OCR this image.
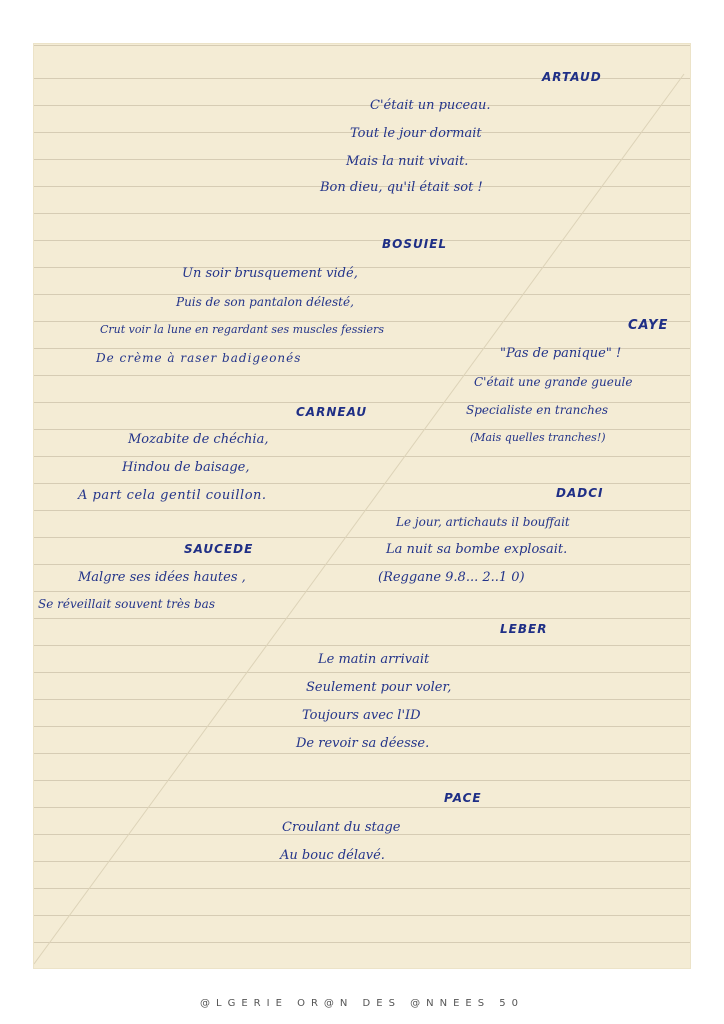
ARTAUD
C'était un puceau.
Tout le jour dormait
Mais la nuit vivait.
Bon dieu, qu'il était sot !
BOSUIEL
Un soir brusquement vidé,
Puis de son pantalon délesté,
Crut voir la lune en regardant ses muscles fessiers
De crème à raser badigeonés
CAYE
"Pas de panique" !
C'était une grande gueule
Specialiste en tranches
(Mais quelles tranches!)
CARNEAU
Mozabite de chéchia,
Hindou de baisage,
A part cela gentil couillon.	DADCI
Le jour, artichauts il bouffait
La nuit sa bombe explosait.
(Reggane 9.8... 2..1 0)
SAUCEDE
Malgre ses idées hautes ,
Se réveillait souvent très bas
LEBER
Le matin arrivait
Seulement pour voler,
Toujours avec l'ID
De revoir sa déesse.
PACE
Croulant du stage
Au bouc délavé.
@LGERIE OR@N DES @NNEES 50
